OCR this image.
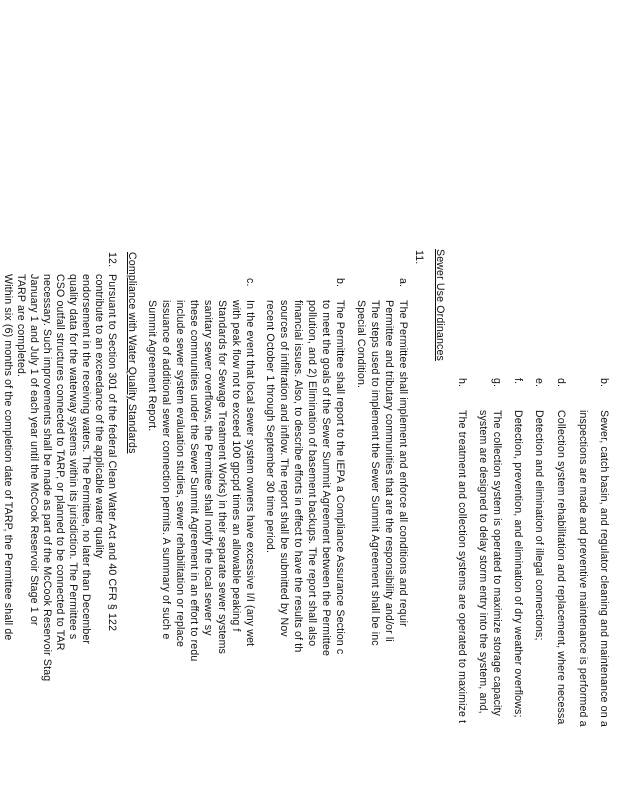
b.
Sewer, catch basin, and regulator cleaning and maintenance on a
inspections are made and preventive maintenance is performed a
d.
Collection system rehabilitation and replacement, where necessa
e.
Detection and elimination of illegal connections;
f.
Detection, prevention, and elimination of dry weather overflows;
g.
The collection system is operated to maximize storage capacity
system are designed to delay storm entry into the system, and,
h.
The treatment and collection systems are operated to maximize t
Sewer Use Ordinances
11.
a.
The Permittee shall implement and enforce all conditions and requir
Permittee and tributary communities that are the responsibility and/or li
The steps used to implement the Sewer Summit Agreement shall be inc
Special Condition.
b.
The Permittee shall report to the IEPA a Compliance Assurance Section c
to meet the goals of the Sewer Summit Agreement between the Permittee
pollution, and 2) Elimination of basement backups. The report shall also
financial issues. Also, to describe efforts in effect to have the results of th
sources of infiltration and inflow. The report shall be submitted by Nov
recent October 1 through September 30 time period.
c.
In the event that local sewer system owners have excessive I/I (any wet
with peak flow not to exceed 100 gpcpd times an allowable peaking f
Standards for Sewage Treatment Works) in their separate sewer systems
sanitary sewer overflows, the Permittee shall notify the local sewer sy
these communities under the Sewer Summit Agreement in an effort to redu
include sewer system evaluation studies, sewer rehabilitation or replace
issuance of additional sewer connection permits. A summary of such e
Summit Agreement Report.
Compliance with Water Quality Standards
12.
Pursuant to Section 301 of the federal Clean Water Act and 40 CFR § 122
contribute to an exceedance of the applicable water quality
endorsement in the receiving waters. The Permittee, no later than December
quality data for the waterway systems within its jurisdiction. The Permittee s
CSO outfall structures connected to TARP, or planned to be connected to TAR
necessary. Such improvements shall be made as part of the McCook Reservoir Stag
January 1 and July 1 of each year until the McCook Reservoir Stage 1 or
TARP are completed.
Within six (6) months of the completion date of TARP, the Permittee shall de
